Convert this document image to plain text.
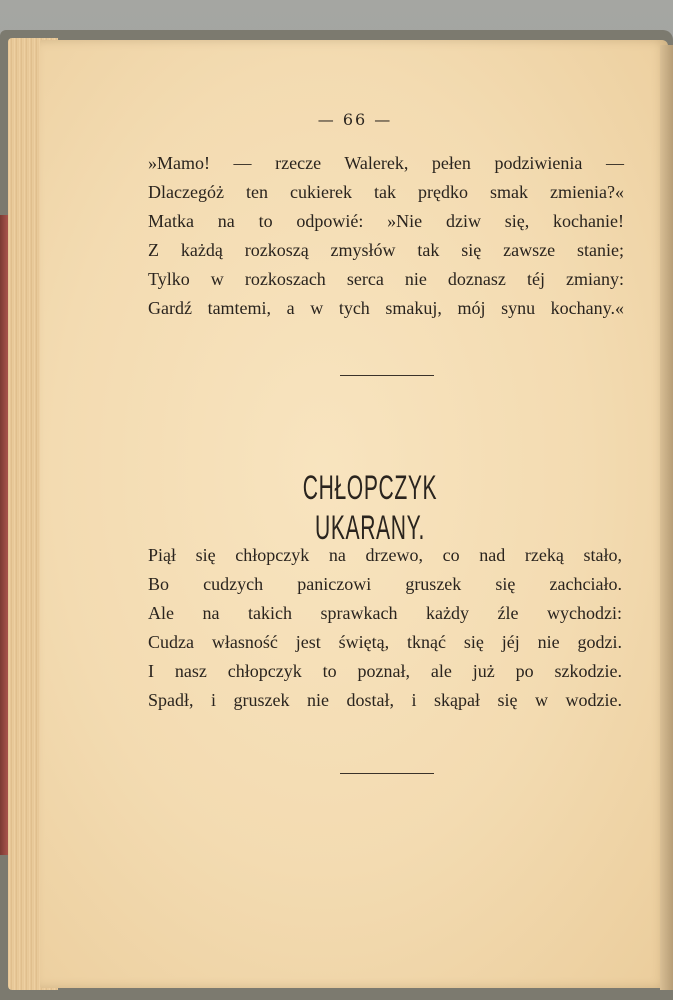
— 66 —
»Mamo! — rzecze Walerek, pełen podziwienia —
Dlaczegóż ten cukierek tak prędko smak zmienia?«
Matka na to odpowié: »Nie dziw się, kochanie!
Z każdą rozkoszą zmysłów tak się zawsze stanie;
Tylko w rozkoszach serca nie doznasz téj zmiany:
Gardź tamtemi, a w tych smakuj, mój synu kochany.«
CHŁOPCZYK UKARANY.
Piął się chłopczyk na drzewo, co nad rzeką stało,
Bo cudzych paniczowi gruszek się zachciało.
Ale na takich sprawkach każdy źle wychodzi:
Cudza własność jest świętą, tknąć się jéj nie godzi.
I nasz chłopczyk to poznał, ale już po szkodzie.
Spadł, i gruszek nie dostał, i skąpał się w wodzie.
